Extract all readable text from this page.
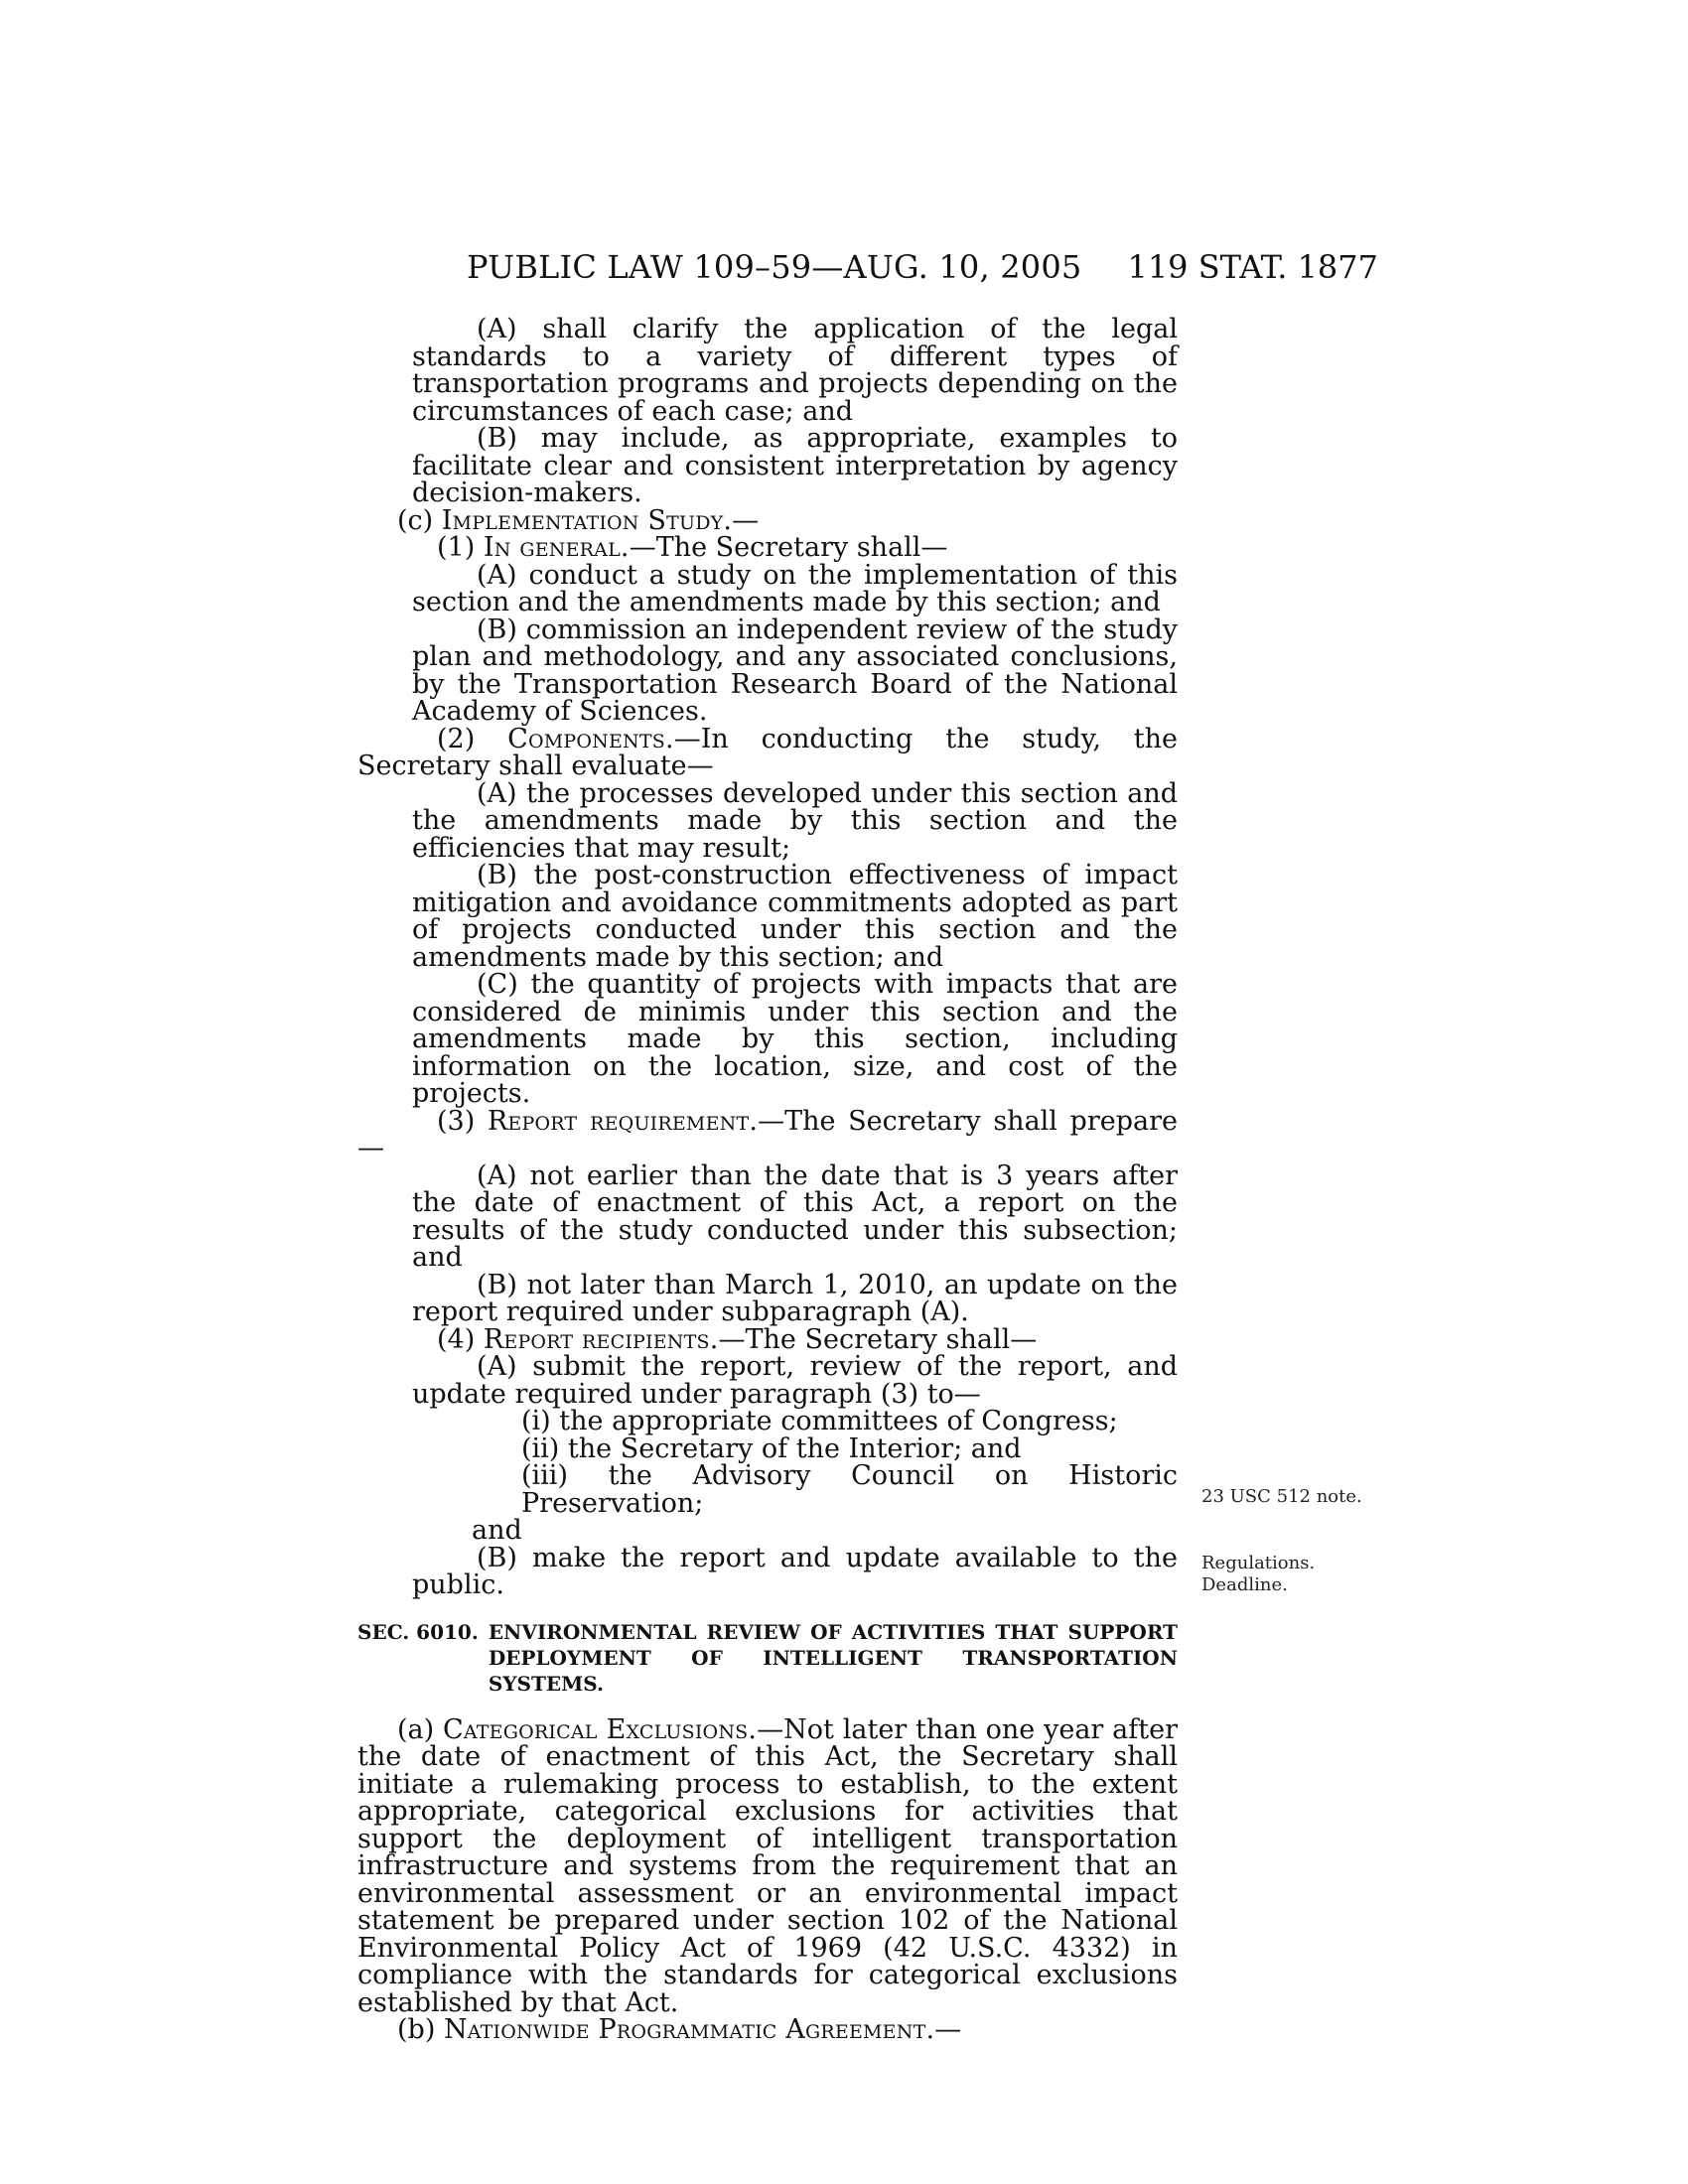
PUBLIC LAW 109–59—AUG. 10, 2005 119 STAT. 1877

(A) shall clarify the application of the legal standards to a variety of different types of transportation programs and projects depending on the circumstances of each case; and

(B) may include, as appropriate, examples to facilitate clear and consistent interpretation by agency decision-makers.

(c) Implementation Study.—

(1) In general.—The Secretary shall—

(A) conduct a study on the implementation of this section and the amendments made by this section; and

(B) commission an independent review of the study plan and methodology, and any associated conclusions, by the Transportation Research Board of the National Academy of Sciences.

(2) Components.—In conducting the study, the Secretary shall evaluate—

(A) the processes developed under this section and the amendments made by this section and the efficiencies that may result;

(B) the post-construction effectiveness of impact mitigation and avoidance commitments adopted as part of projects conducted under this section and the amendments made by this section; and

(C) the quantity of projects with impacts that are considered de minimis under this section and the amendments made by this section, including information on the location, size, and cost of the projects.

(3) Report requirement.—The Secretary shall prepare—

(A) not earlier than the date that is 3 years after the date of enactment of this Act, a report on the results of the study conducted under this subsection; and

(B) not later than March 1, 2010, an update on the report required under subparagraph (A).

(4) Report recipients.—The Secretary shall—

(A) submit the report, review of the report, and update required under paragraph (3) to—

(i) the appropriate committees of Congress;

(ii) the Secretary of the Interior; and

(iii) the Advisory Council on Historic Preservation;

and

(B) make the report and update available to the public.

SEC. 6010. ENVIRONMENTAL REVIEW OF ACTIVITIES THAT SUPPORT DEPLOYMENT OF INTELLIGENT TRANSPORTATION SYSTEMS.

(a) Categorical Exclusions.—Not later than one year after the date of enactment of this Act, the Secretary shall initiate a rulemaking process to establish, to the extent appropriate, categorical exclusions for activities that support the deployment of intelligent transportation infrastructure and systems from the requirement that an environmental assessment or an environmental impact statement be prepared under section 102 of the National Environmental Policy Act of 1969 (42 U.S.C. 4332) in compliance with the standards for categorical exclusions established by that Act.

(b) Nationwide Programmatic Agreement.—

23 USC 512 note.
Regulations.
Deadline.
